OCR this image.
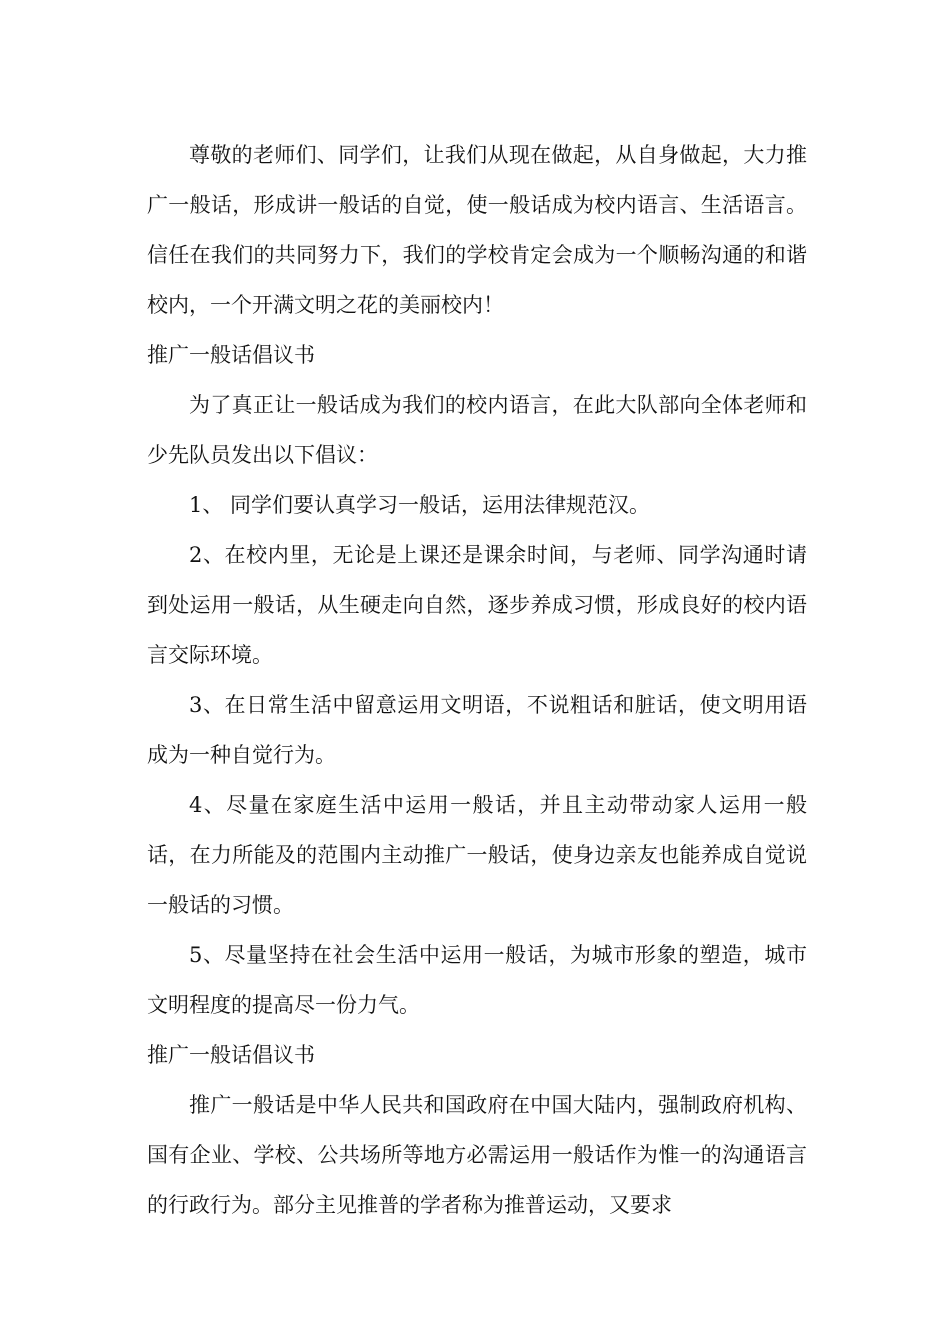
尊敬的老师们、同学们，让我们从现在做起，从自身做起，大力推广一般话，形成讲一般话的自觉，使一般话成为校内语言、生活语言。信任在我们的共同努力下，我们的学校肯定会成为一个顺畅沟通的和谐校内，一个开满文明之花的美丽校内！

推广一般话倡议书

为了真正让一般话成为我们的校内语言，在此大队部向全体老师和少先队员发出以下倡议：

1、 同学们要认真学习一般话，运用法律规范汉。

2、在校内里，无论是上课还是课余时间，与老师、同学沟通时请到处运用一般话，从生硬走向自然，逐步养成习惯，形成良好的校内语言交际环境。

3、在日常生活中留意运用文明语，不说粗话和脏话，使文明用语成为一种自觉行为。

4、尽量在家庭生活中运用一般话，并且主动带动家人运用一般话，在力所能及的范围内主动推广一般话，使身边亲友也能养成自觉说一般话的习惯。

5、尽量坚持在社会生活中运用一般话，为城市形象的塑造，城市文明程度的提高尽一份力气。

推广一般话倡议书

推广一般话是中华人民共和国政府在中国大陆内，强制政府机构、国有企业、学校、公共场所等地方必需运用一般话作为惟一的沟通语言的行政行为。部分主见推普的学者称为推普运动，又要求
